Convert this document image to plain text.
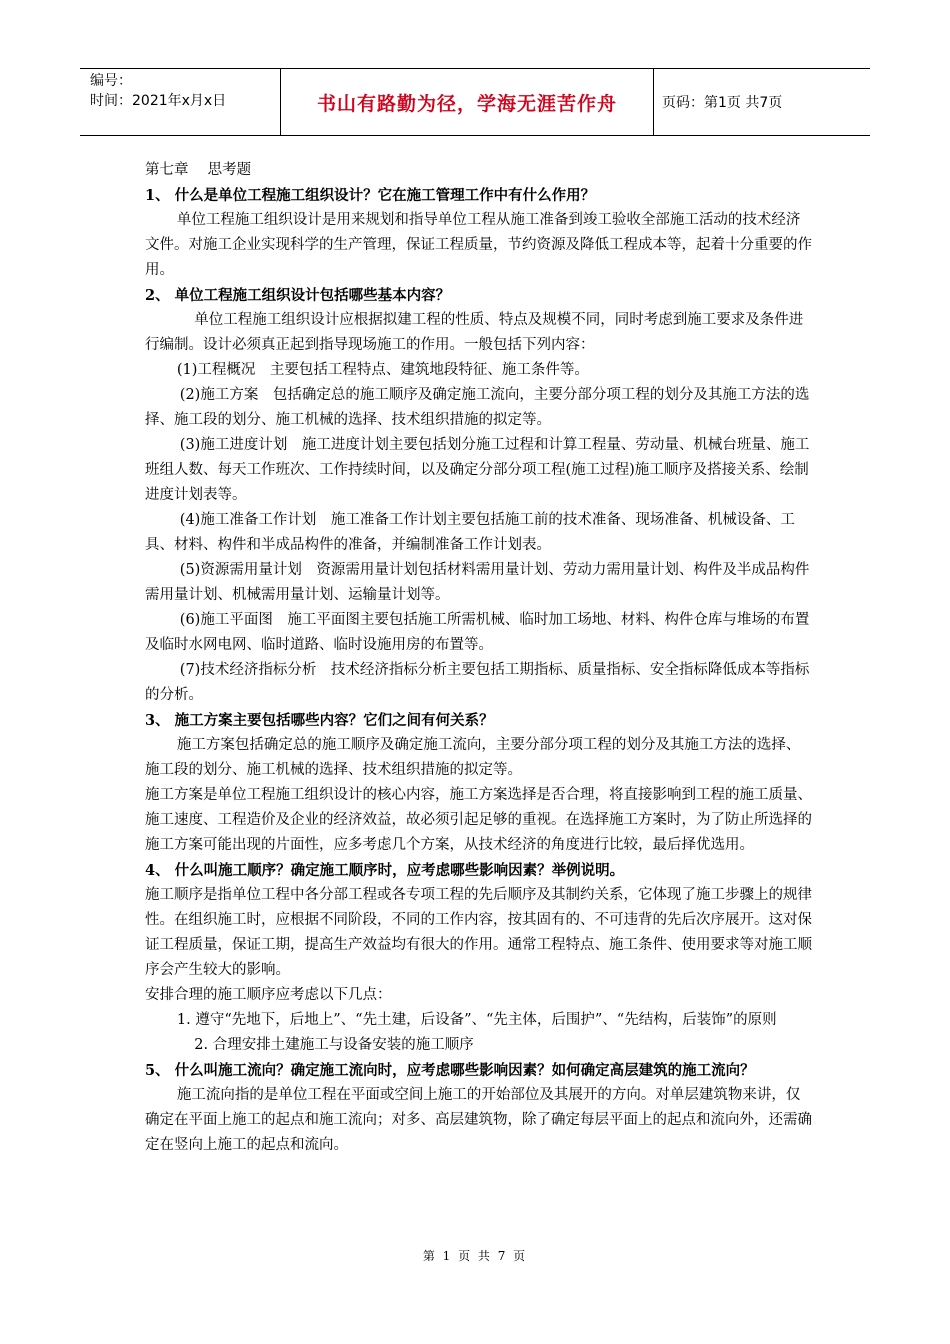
编号：
时间：2021年x月x日	书山有路勤为径，学海无涯苦作舟	页码：第1页 共7页

第七章　 思考题

1、 什么是单位工程施工组织设计？它在施工管理工作中有什么作用？

单位工程施工组织设计是用来规划和指导单位工程从施工准备到竣工验收全部施工活动的技术经济文件。对施工企业实现科学的生产管理，保证工程质量，节约资源及降低工程成本等，起着十分重要的作用。

2、 单位工程施工组织设计包括哪些基本内容？

单位工程施工组织设计应根据拟建工程的性质、特点及规模不同，同时考虑到施工要求及条件进行编制。设计必须真正起到指导现场施工的作用。一般包括下列内容：

(1)工程概况　主要包括工程特点、建筑地段特征、施工条件等。

(2)施工方案　包括确定总的施工顺序及确定施工流向，主要分部分项工程的划分及其施工方法的选择、施工段的划分、施工机械的选择、技术组织措施的拟定等。

(3)施工进度计划　施工进度计划主要包括划分施工过程和计算工程量、劳动量、机械台班量、施工班组人数、每天工作班次、工作持续时间，以及确定分部分项工程(施工过程)施工顺序及搭接关系、绘制进度计划表等。

(4)施工准备工作计划　施工准备工作计划主要包括施工前的技术准备、现场准备、机械设备、工具、材料、构件和半成品构件的准备，并编制准备工作计划表。

(5)资源需用量计划　资源需用量计划包括材料需用量计划、劳动力需用量计划、构件及半成品构件需用量计划、机械需用量计划、运输量计划等。

(6)施工平面图　施工平面图主要包括施工所需机械、临时加工场地、材料、构件仓库与堆场的布置及临时水网电网、临时道路、临时设施用房的布置等。

(7)技术经济指标分析　技术经济指标分析主要包括工期指标、质量指标、安全指标降低成本等指标的分析。

3、 施工方案主要包括哪些内容？它们之间有何关系？

施工方案包括确定总的施工顺序及确定施工流向，主要分部分项工程的划分及其施工方法的选择、施工段的划分、施工机械的选择、技术组织措施的拟定等。

施工方案是单位工程施工组织设计的核心内容，施工方案选择是否合理，将直接影响到工程的施工质量、施工速度、工程造价及企业的经济效益，故必须引起足够的重视。在选择施工方案时，为了防止所选择的施工方案可能出现的片面性，应多考虑几个方案，从技术经济的角度进行比较，最后择优选用。

4、 什么叫施工顺序？确定施工顺序时，应考虑哪些影响因素？举例说明。

施工顺序是指单位工程中各分部工程或各专项工程的先后顺序及其制约关系，它体现了施工步骤上的规律性。在组织施工时，应根据不同阶段，不同的工作内容，按其固有的、不可违背的先后次序展开。这对保证工程质量，保证工期，提高生产效益均有很大的作用。通常工程特点、施工条件、使用要求等对施工顺序会产生较大的影响。

安排合理的施工顺序应考虑以下几点：

1. 遵守“先地下，后地上”、“先土建，后设备”、“先主体，后围护”、“先结构，后装饰”的原则

2. 合理安排土建施工与设备安装的施工顺序

5、 什么叫施工流向？确定施工流向时，应考虑哪些影响因素？如何确定高层建筑的施工流向？

施工流向指的是单位工程在平面或空间上施工的开始部位及其展开的方向。对单层建筑物来讲，仅确定在平面上施工的起点和施工流向；对多、高层建筑物，除了确定每层平面上的起点和流向外，还需确定在竖向上施工的起点和流向。

第 1 页 共 7 页
